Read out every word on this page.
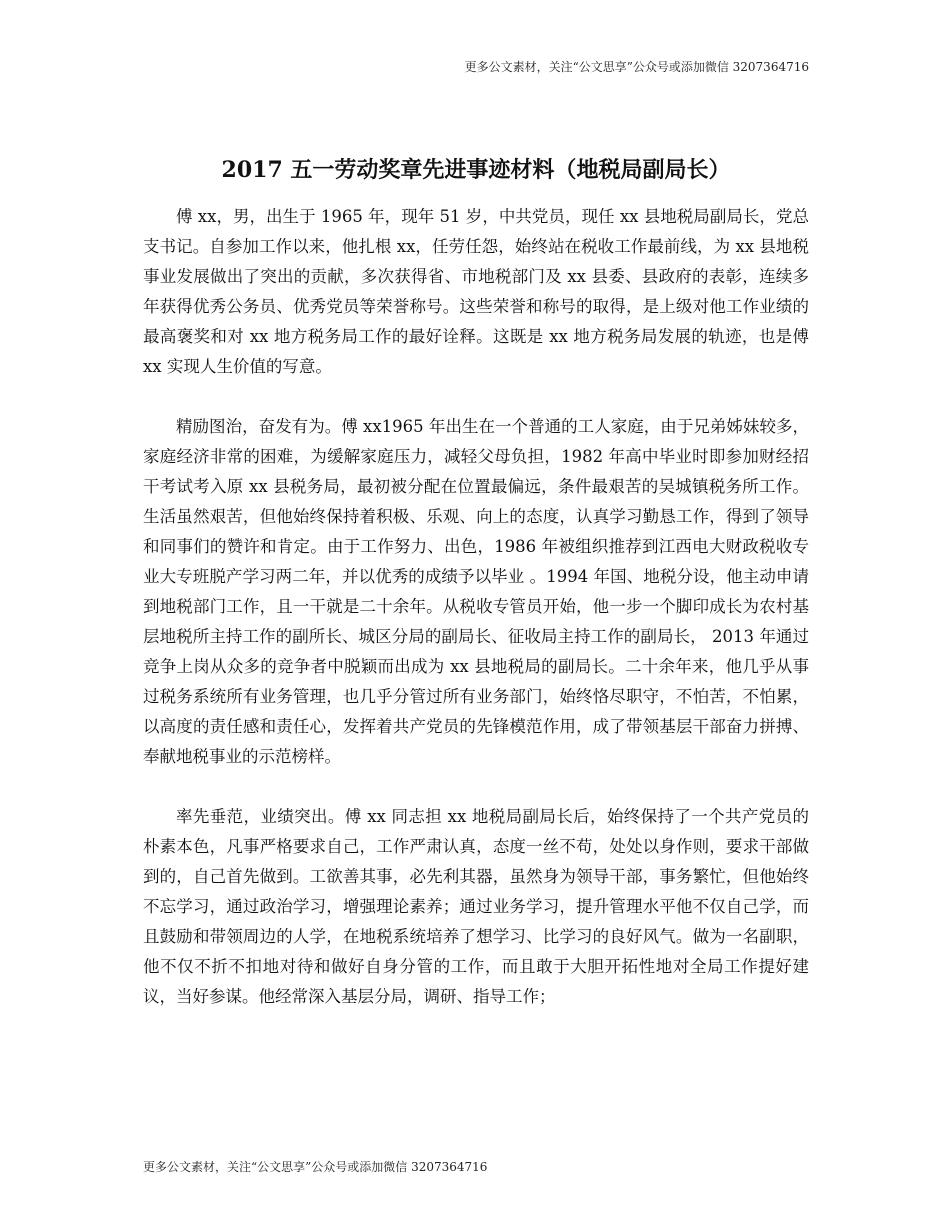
更多公文素材，关注“公文思享”公众号或添加微信 3207364716
2017 五一劳动奖章先进事迹材料（地税局副局长）

傅 xx，男，出生于 1965 年，现年 51 岁，中共党员，现任 xx 县地税局副局长，党总支书记。自参加工作以来，他扎根 xx，任劳任怨，始终站在税收工作最前线，为 xx 县地税事业发展做出了突出的贡献，多次获得省、市地税部门及 xx 县委、县政府的表彰，连续多年获得优秀公务员、优秀党员等荣誉称号。这些荣誉和称号的取得，是上级对他工作业绩的最高褒奖和对 xx 地方税务局工作的最好诠释。这既是 xx 地方税务局发展的轨迹，也是傅 xx 实现人生价值的写意。

精励图治，奋发有为。傅 xx1965 年出生在一个普通的工人家庭，由于兄弟姊妹较多，家庭经济非常的困难，为缓解家庭压力，减轻父母负担，1982 年高中毕业时即参加财经招干考试考入原 xx 县税务局，最初被分配在位置最偏远，条件最艰苦的吴城镇税务所工作。生活虽然艰苦，但他始终保持着积极、乐观、向上的态度，认真学习勤恳工作，得到了领导和同事们的赞许和肯定。由于工作努力、出色，1986 年被组织推荐到江西电大财政税收专业大专班脱产学习两二年，并以优秀的成绩予以毕业 。1994 年国、地税分设，他主动申请到地税部门工作，且一干就是二十余年。从税收专管员开始，他一步一个脚印成长为农村基层地税所主持工作的副所长、城区分局的副局长、征收局主持工作的副局长， 2013 年通过竞争上岗从众多的竞争者中脱颖而出成为 xx 县地税局的副局长。二十余年来，他几乎从事过税务系统所有业务管理，也几乎分管过所有业务部门，始终恪尽职守，不怕苦，不怕累，以高度的责任感和责任心，发挥着共产党员的先锋模范作用，成了带领基层干部奋力拼搏、奉献地税事业的示范榜样。

率先垂范，业绩突出。傅 xx 同志担 xx 地税局副局长后，始终保持了一个共产党员的朴素本色，凡事严格要求自己，工作严肃认真，态度一丝不苟，处处以身作则，要求干部做到的，自己首先做到。工欲善其事，必先利其器，虽然身为领导干部，事务繁忙，但他始终不忘学习，通过政治学习，增强理论素养；通过业务学习，提升管理水平他不仅自己学，而且鼓励和带领周边的人学，在地税系统培养了想学习、比学习的良好风气。做为一名副职，他不仅不折不扣地对待和做好自身分管的工作，而且敢于大胆开拓性地对全局工作提好建议，当好参谋。他经常深入基层分局，调研、指导工作；

更多公文素材，关注“公文思享”公众号或添加微信 3207364716
